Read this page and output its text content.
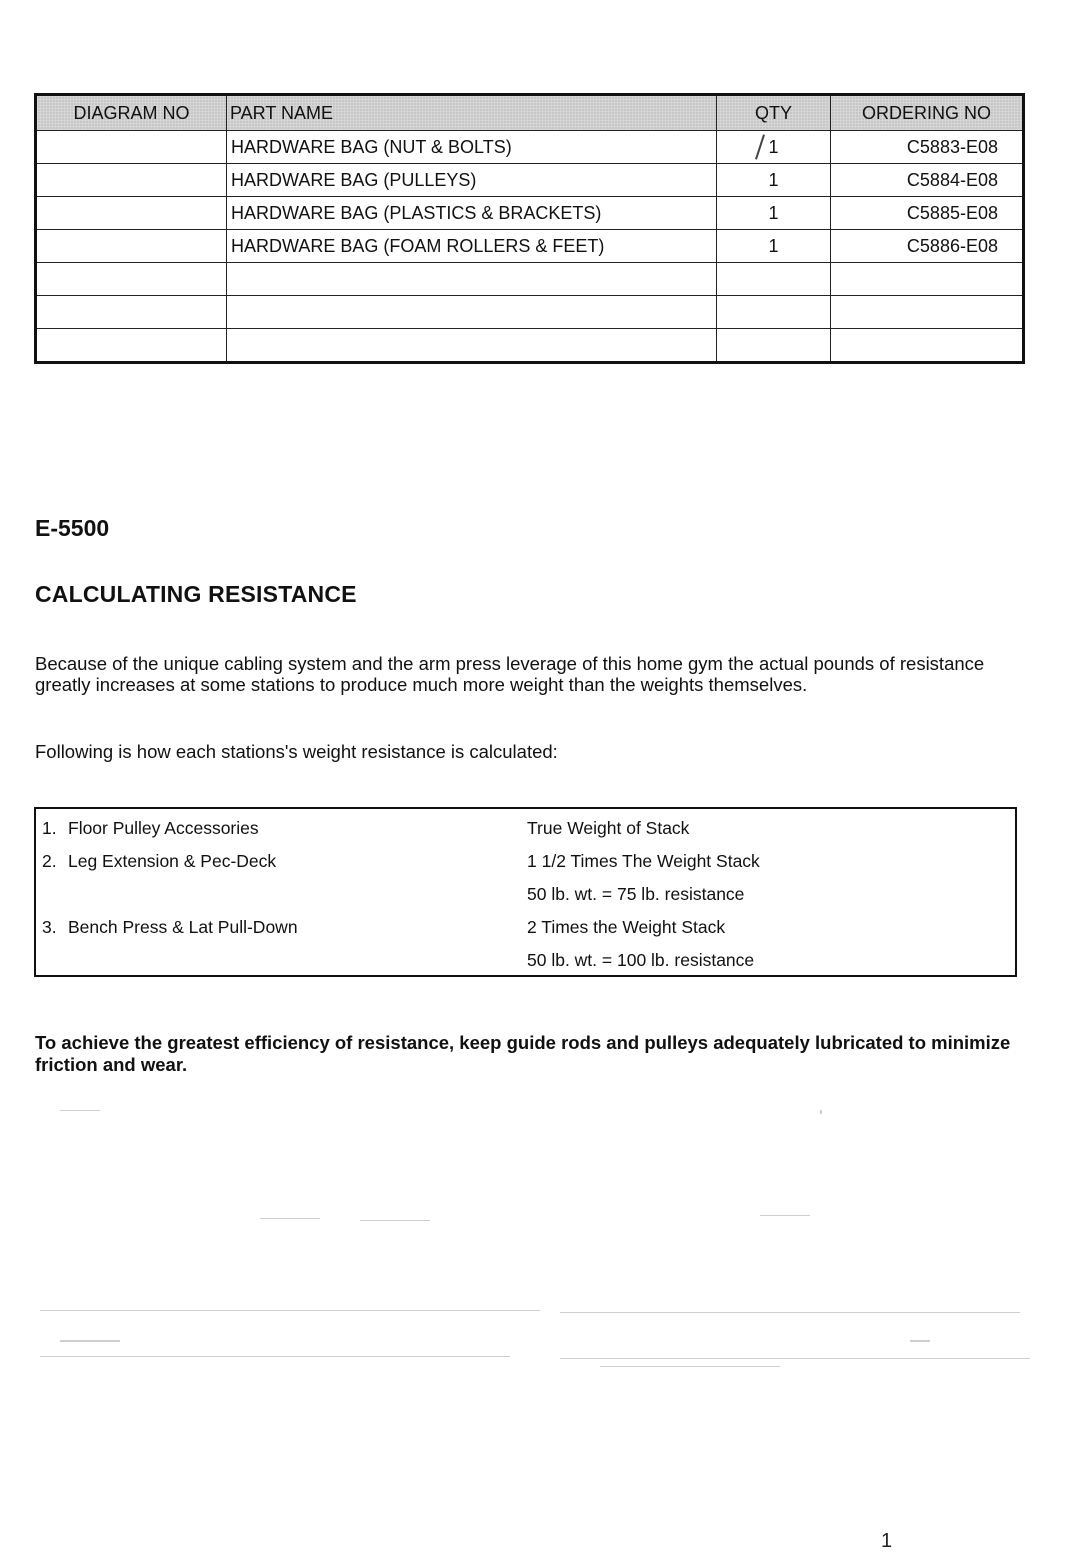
DIAGRAM NO	PART NAME	QTY	ORDERING NO
	HARDWARE BAG (NUT & BOLTS)	1	C5883-E08
	HARDWARE BAG (PULLEYS)	1	C5884-E08
	HARDWARE BAG (PLASTICS & BRACKETS)	1	C5885-E08
	HARDWARE BAG (FOAM ROLLERS & FEET)	1	C5886-E08

E-5500
CALCULATING RESISTANCE

Because of the unique cabling system and the arm press leverage of this home gym the actual pounds of resistance greatly increases at some stations to produce much more weight than the weights themselves.

Following is how each stations's weight resistance is calculated:

1. Floor Pulley Accessories	True Weight of Stack
2. Leg Extension & Pec-Deck	1 1/2 Times The Weight Stack
50 lb. wt. = 75 lb. resistance
3. Bench Press & Lat Pull-Down	2 Times the Weight Stack
50 lb. wt. = 100 lb. resistance

To achieve the greatest efficiency of resistance, keep guide rods and pulleys adequately lubricated to minimize friction and wear.

1
